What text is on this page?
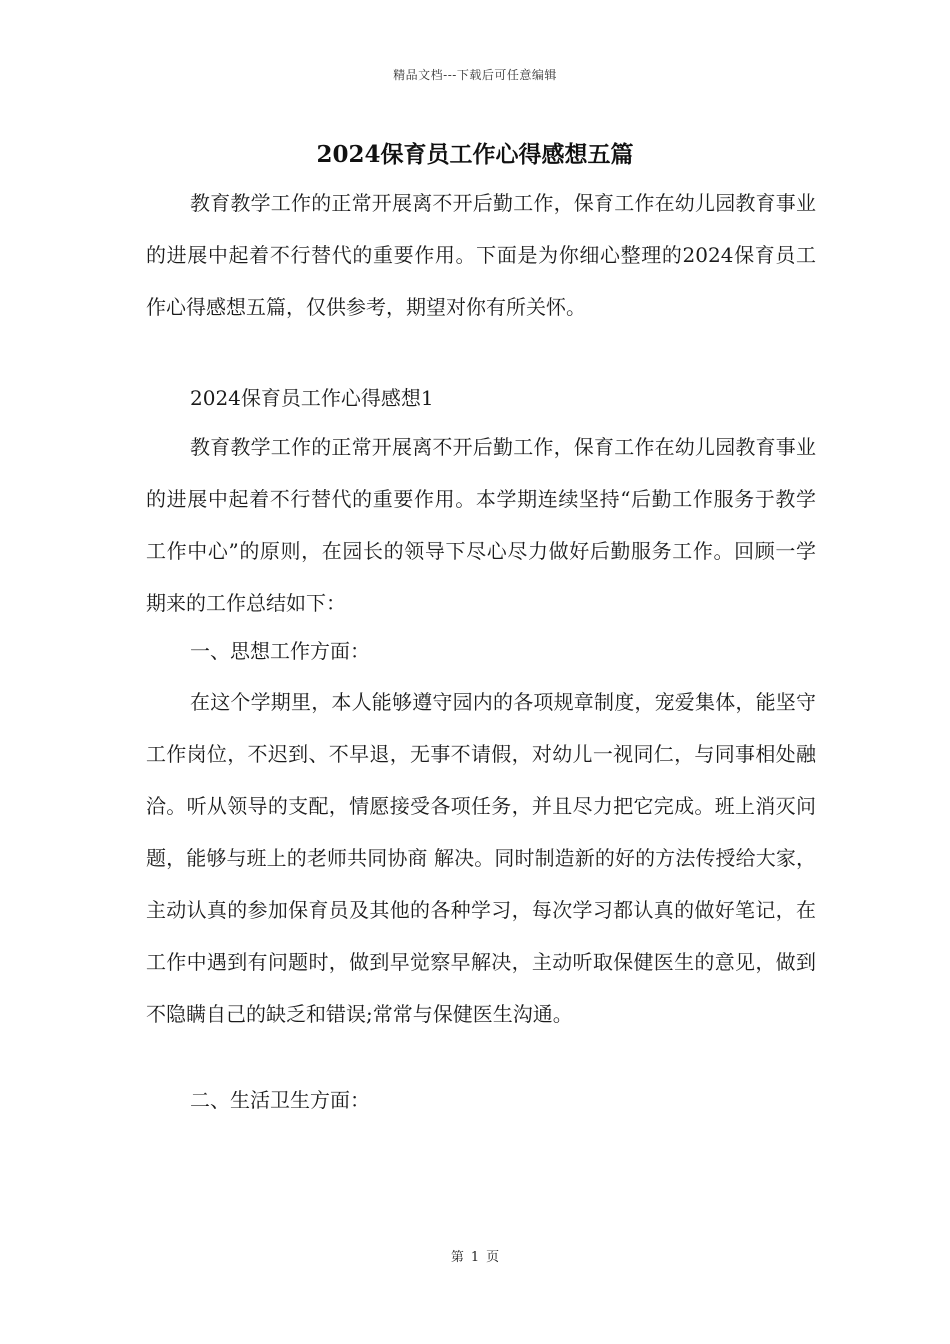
精品文档---下载后可任意编辑
2024保育员工作心得感想五篇

教育教学工作的正常开展离不开后勤工作，保育工作在幼儿园教育事业的进展中起着不行替代的重要作用。下面是为你细心整理的2024保育员工作心得感想五篇，仅供参考，期望对你有所关怀。

2024保育员工作心得感想1

教育教学工作的正常开展离不开后勤工作，保育工作在幼儿园教育事业的进展中起着不行替代的重要作用。本学期连续坚持“后勤工作服务于教学工作中心”的原则，在园长的领导下尽心尽力做好后勤服务工作。回顾一学期来的工作总结如下：

一、思想工作方面：

在这个学期里，本人能够遵守园内的各项规章制度，宠爱集体，能坚守工作岗位，不迟到、不早退，无事不请假，对幼儿一视同仁，与同事相处融洽。听从领导的支配，情愿接受各项任务，并且尽力把它完成。班上消灭问题，能够与班上的老师共同协商 解决。同时制造新的好的方法传授给大家，主动认真的参加保育员及其他的各种学习，每次学习都认真的做好笔记，在工作中遇到有问题时，做到早觉察早解决，主动听取保健医生的意见，做到不隐瞒自己的缺乏和错误;常常与保健医生沟通。

二、生活卫生方面：

第 1 页
